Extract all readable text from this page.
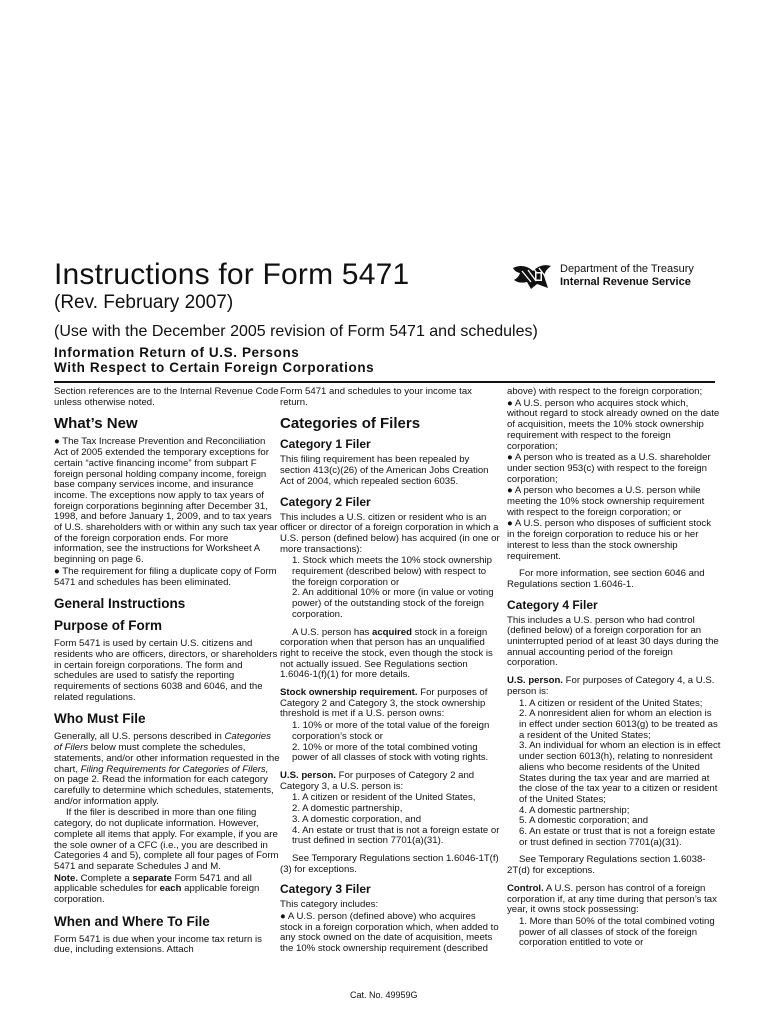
Instructions for Form 5471
(Rev. February 2007)
Department of the Treasury
Internal Revenue Service
(Use with the December 2005 revision of Form 5471 and schedules)
Information Return of U.S. Persons
With Respect to Certain Foreign Corporations

Section references are to the Internal Revenue Code unless otherwise noted.

What’s New

● The Tax Increase Prevention and Reconciliation Act of 2005 extended the temporary exceptions for certain “active financing income” from subpart F foreign personal holding company income, foreign base company services income, and insurance income. The exceptions now apply to tax years of foreign corporations beginning after December 31, 1998, and before January 1, 2009, and to tax years of U.S. shareholders with or within any such tax year of the foreign corporation ends. For more information, see the instructions for Worksheet A beginning on page 6.

● The requirement for filing a duplicate copy of Form 5471 and schedules has been eliminated.

General Instructions
Purpose of Form

Form 5471 is used by certain U.S. citizens and residents who are officers, directors, or shareholders in certain foreign corporations. The form and schedules are used to satisfy the reporting requirements of sections 6038 and 6046, and the related regulations.

Who Must File

Generally, all U.S. persons described in Categories of Filers below must complete the schedules, statements, and/or other information requested in the chart, Filing Requirements for Categories of Filers, on page 2. Read the information for each category carefully to determine which schedules, statements, and/or information apply.

If the filer is described in more than one filing category, do not duplicate information. However, complete all items that apply. For example, if you are the sole owner of a CFC (i.e., you are described in Categories 4 and 5), complete all four pages of Form 5471 and separate Schedules J and M.

Note. Complete a separate Form 5471 and all applicable schedules for each applicable foreign corporation.

When and Where To File

Form 5471 is due when your income tax return is due, including extensions. Attach

Form 5471 and schedules to your income tax return.

Categories of Filers
Category 1 Filer

This filing requirement has been repealed by section 413(c)(26) of the American Jobs Creation Act of 2004, which repealed section 6035.

Category 2 Filer

This includes a U.S. citizen or resident who is an officer or director of a foreign corporation in which a U.S. person (defined below) has acquired (in one or more transactions):

1. Stock which meets the 10% stock ownership requirement (described below) with respect to the foreign corporation or

2. An additional 10% or more (in value or voting power) of the outstanding stock of the foreign corporation.

A U.S. person has acquired stock in a foreign corporation when that person has an unqualified right to receive the stock, even though the stock is not actually issued. See Regulations section 1.6046-1(f)(1) for more details.

Stock ownership requirement. For purposes of Category 2 and Category 3, the stock ownership threshold is met if a U.S. person owns:

1. 10% or more of the total value of the foreign corporation’s stock or

2. 10% or more of the total combined voting power of all classes of stock with voting rights.

U.S. person. For purposes of Category 2 and Category 3, a U.S. person is:

1. A citizen or resident of the United States,

2. A domestic partnership,

3. A domestic corporation, and

4. An estate or trust that is not a foreign estate or trust defined in section 7701(a)(31).

See Temporary Regulations section 1.6046-1T(f)(3) for exceptions.

Category 3 Filer

This category includes:

● A U.S. person (defined above) who acquires stock in a foreign corporation which, when added to any stock owned on the date of acquisition, meets the 10% stock ownership requirement (described

above) with respect to the foreign corporation;

● A U.S. person who acquires stock which, without regard to stock already owned on the date of acquisition, meets the 10% stock ownership requirement with respect to the foreign corporation;

● A person who is treated as a U.S. shareholder under section 953(c) with respect to the foreign corporation;

● A person who becomes a U.S. person while meeting the 10% stock ownership requirement with respect to the foreign corporation; or

● A U.S. person who disposes of sufficient stock in the foreign corporation to reduce his or her interest to less than the stock ownership requirement.

For more information, see section 6046 and Regulations section 1.6046-1.

Category 4 Filer

This includes a U.S. person who had control (defined below) of a foreign corporation for an uninterrupted period of at least 30 days during the annual accounting period of the foreign corporation.

U.S. person. For purposes of Category 4, a U.S. person is:

1. A citizen or resident of the United States;

2. A nonresident alien for whom an election is in effect under section 6013(g) to be treated as a resident of the United States;

3. An individual for whom an election is in effect under section 6013(h), relating to nonresident aliens who become residents of the United States during the tax year and are married at the close of the tax year to a citizen or resident of the United States;

4. A domestic partnership;

5. A domestic corporation; and

6. An estate or trust that is not a foreign estate or trust defined in section 7701(a)(31).

See Temporary Regulations section 1.6038-2T(d) for exceptions.

Control. A U.S. person has control of a foreign corporation if, at any time during that person’s tax year, it owns stock possessing:

1. More than 50% of the total combined voting power of all classes of stock of the foreign corporation entitled to vote or

Cat. No. 49959G
